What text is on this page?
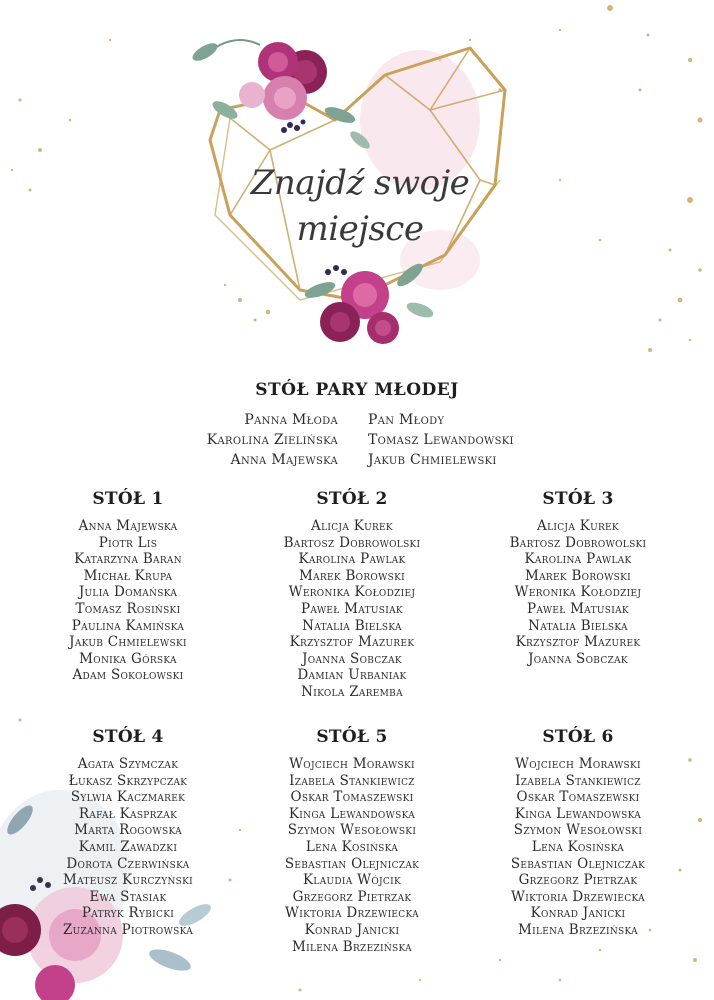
Znajdź swoje
miejsce
STÓŁ PARY MŁODEJ
Panna Młoda
Karolina Zielińska
Anna Majewska
Pan Młody
Tomasz Lewandowski
Jakub Chmielewski
STÓŁ 1
Anna Majewska
Piotr Lis
Katarzyna Baran
Michał Krupa
Julia Domańska
Tomasz Rosiński
Paulina Kamińska
Jakub Chmielewski
Monika Górska
Adam Sokołowski
STÓŁ 2
Alicja Kurek
Bartosz Dobrowolski
Karolina Pawlak
Marek Borowski
Weronika Kołodziej
Paweł Matusiak
Natalia Bielska
Krzysztof Mazurek
Joanna Sobczak
Damian Urbaniak
Nikola Zaremba
STÓŁ 3
Alicja Kurek
Bartosz Dobrowolski
Karolina Pawlak
Marek Borowski
Weronika Kołodziej
Paweł Matusiak
Natalia Bielska
Krzysztof Mazurek
Joanna Sobczak
STÓŁ 4
Agata Szymczak
Łukasz Skrzypczak
Sylwia Kaczmarek
Rafał Kasprzak
Marta Rogowska
Kamil Zawadzki
Dorota Czerwińska
Mateusz Kurczyński
Ewa Stasiak
Patryk Rybicki
Zuzanna Piotrowska
STÓŁ 5
Wojciech Morawski
Izabela Stankiewicz
Oskar Tomaszewski
Kinga Lewandowska
Szymon Wesołowski
Lena Kosińska
Sebastian Olejniczak
Klaudia Wójcik
Grzegorz Pietrzak
Wiktoria Drzewiecka
Konrad Janicki
Milena Brzezińska
STÓŁ 6
Wojciech Morawski
Izabela Stankiewicz
Oskar Tomaszewski
Kinga Lewandowska
Szymon Wesołowski
Lena Kosińska
Sebastian Olejniczak
Grzegorz Pietrzak
Wiktoria Drzewiecka
Konrad Janicki
Milena Brzezińska
